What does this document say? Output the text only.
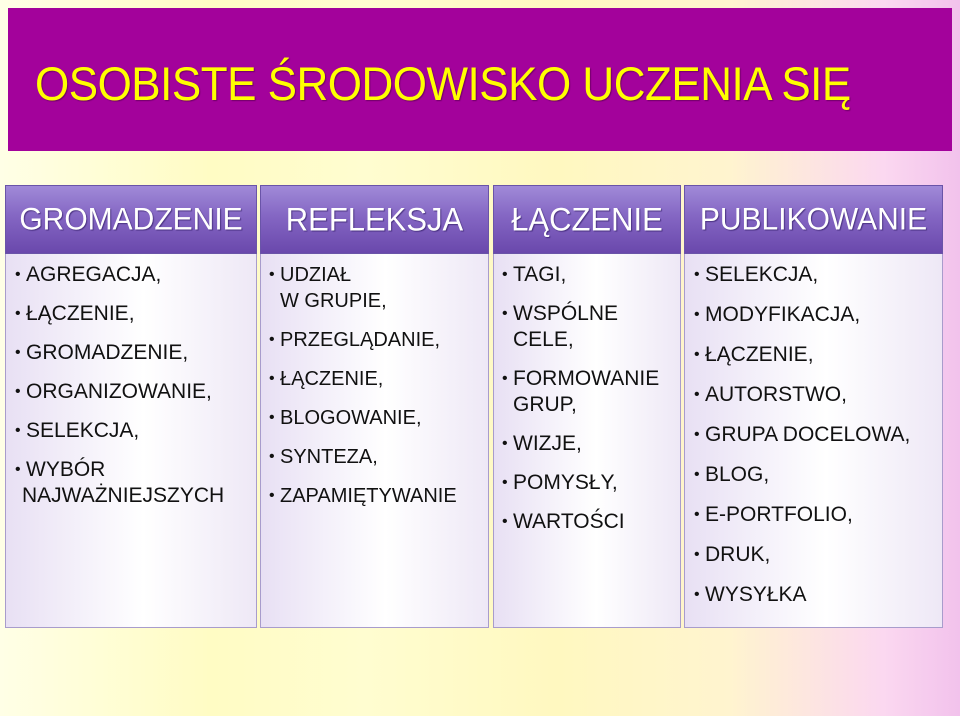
OSOBISTE ŚRODOWISKO UCZENIA SIĘ
GROMADZENIE
• AGREGACJA,
• ŁĄCZENIE,
• GROMADZENIE,
• ORGANIZOWANIE,
• SELEKCJA,
• WYBÓR
NAJWAŻNIEJSZYCH
REFLEKSJA
• UDZIAŁ
W GRUPIE,
• PRZEGLĄDANIE,
• ŁĄCZENIE,
• BLOGOWANIE,
• SYNTEZA,
• ZAPAMIĘTYWANIE
ŁĄCZENIE
• TAGI,
• WSPÓLNE
CELE,
• FORMOWANIE
GRUP,
• WIZJE,
• POMYSŁY,
• WARTOŚCI
PUBLIKOWANIE
• SELEKCJA,
• MODYFIKACJA,
• ŁĄCZENIE,
• AUTORSTWO,
• GRUPA DOCELOWA,
• BLOG,
• E-PORTFOLIO,
• DRUK,
• WYSYŁKA
